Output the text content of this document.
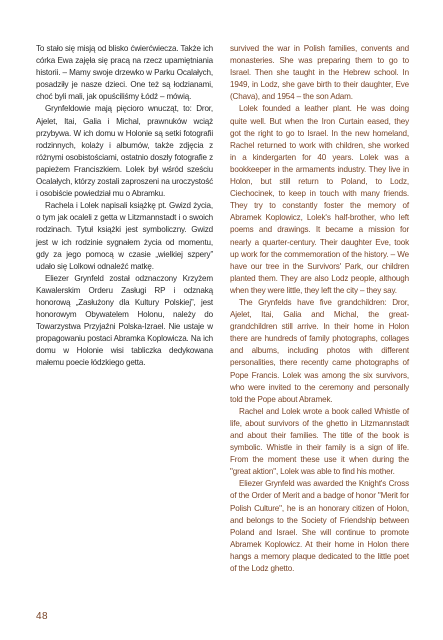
To stało się misją od blisko ćwierćwiecza. Także ich córka Ewa zajęła się pracą na rzecz upamiętniania historii. – Mamy swoje drzewko w Parku Ocalałych, posadziły je nasze dzieci. One też są łodzianami, choć byli mali, jak opuściliśmy Łódź – mówią.

Grynfeldowie mają pięcioro wnucząt, to: Dror, Ajelet, Itai, Galia i Michal, prawnuków wciąż przybywa. W ich domu w Holonie są setki fotografii rodzinnych, kolaży i albumów, także zdjęcia z różnymi osobistościami, ostatnio doszły fotografie z papieżem Franciszkiem. Lolek był wśród sześciu Ocalałych, którzy zostali zaproszeni na uroczystość i osobiście powiedział mu o Abramku.

Rachela i Lolek napisali książkę pt. Gwizd życia, o tym jak ocaleli z getta w Litzmannstadt i o swoich rodzinach. Tytuł książki jest symboliczny. Gwizd jest w ich rodzinie sygnałem życia od momentu, gdy za jego pomocą w czasie „wielkiej szpery” udało się Lolkowi odnaleźć matkę.

Eliezer Grynfeld został odznaczony Krzyżem Kawalerskim Orderu Zasługi RP i odznaką honorową „Zasłużony dla Kultury Polskiej”, jest honorowym Obywatelem Holonu, należy do Towarzystwa Przyjaźni Polska-Izrael. Nie ustaje w propagowaniu postaci Abramka Koplowicza. Na ich domu w Holonie wisi tabliczka dedykowana małemu poecie łódzkiego getta.

survived the war in Polish families, convents and monasteries. She was preparing them to go to Israel. Then she taught in the Hebrew school. In 1949, in Lodz, she gave birth to their daughter, Eve (Chava), and 1954 – the son Adam.

Lolek founded a leather plant. He was doing quite well. But when the Iron Curtain eased, they got the right to go to Israel. In the new homeland, Rachel returned to work with children, she worked in a kindergarten for 40 years. Lolek was a bookkeeper in the armaments industry. They live in Holon, but still return to Poland, to Lodz, Ciechocinek, to keep in touch with many friends. They try to constantly foster the memory of Abramek Koplowicz, Lolek's half-brother, who left poems and drawings. It became a mission for nearly a quarter-century. Their daughter Eve, took up work for the commemoration of the history. – We have our tree in the Survivors' Park, our children planted them. They are also Lodz people, although when they were little, they left the city – they say.

The Grynfelds have five grandchildren: Dror, Ajelet, Itai, Galia and Michal, the great-grandchildren still arrive. In their home in Holon there are hundreds of family photographs, collages and albums, including photos with different personalities, there recently came photographs of Pope Francis. Lolek was among the six survivors, who were invited to the ceremony and personally told the Pope about Abramek.

Rachel and Lolek wrote a book called Whistle of life, about survivors of the ghetto in Litzmannstadt and about their families. The title of the book is symbolic. Whistle in their family is a sign of life. From the moment these use it when during the "great aktion", Lolek was able to find his mother.

Eliezer Grynfeld was awarded the Knight's Cross of the Order of Merit and a badge of honor "Merit for Polish Culture", he is an honorary citizen of Holon, and belongs to the Society of Friendship between Poland and Israel. She will continue to promote Abramek Koplowicz. At their home in Holon there hangs a memory plaque dedicated to the little poet of the Lodz ghetto.

48
